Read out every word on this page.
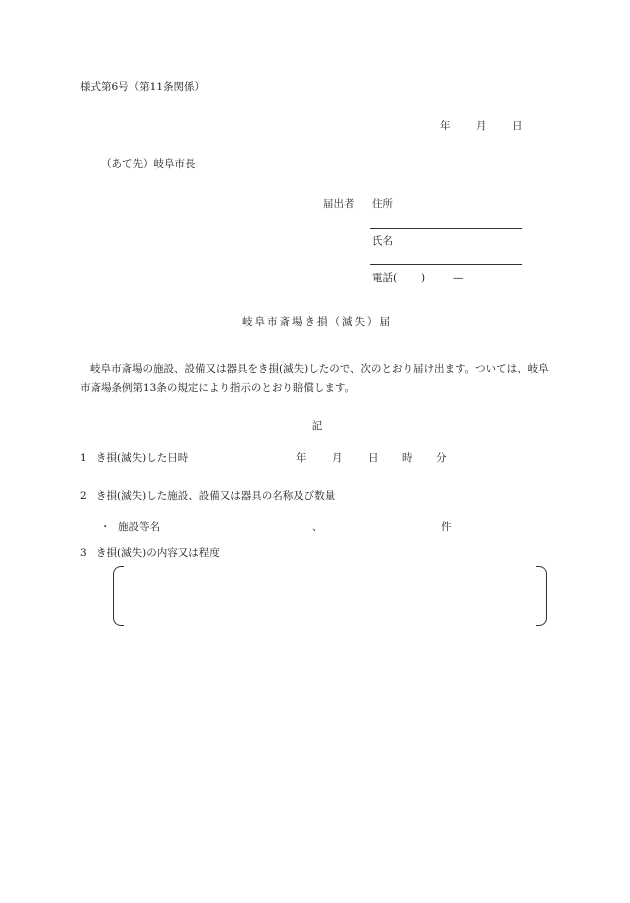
様式第6号（第11条関係）
年 月 日
（あて先）岐阜市長
届出者 住所
氏名
電話( )	—
岐阜市斎場き損（滅失）届
岐阜市斎場の施設、設備又は器具をき損(滅失)したので、次のとおり届け出ます。ついては、岐阜市斎場条例第13条の規定により指示のとおり賠償します。
記
1 き損(滅失)した日時	年 月 日 時 分
2 き損(滅失)した施設、設備又は器具の名称及び数量
・ 施設等名	、	件
3 き損(滅失)の内容又は程度
